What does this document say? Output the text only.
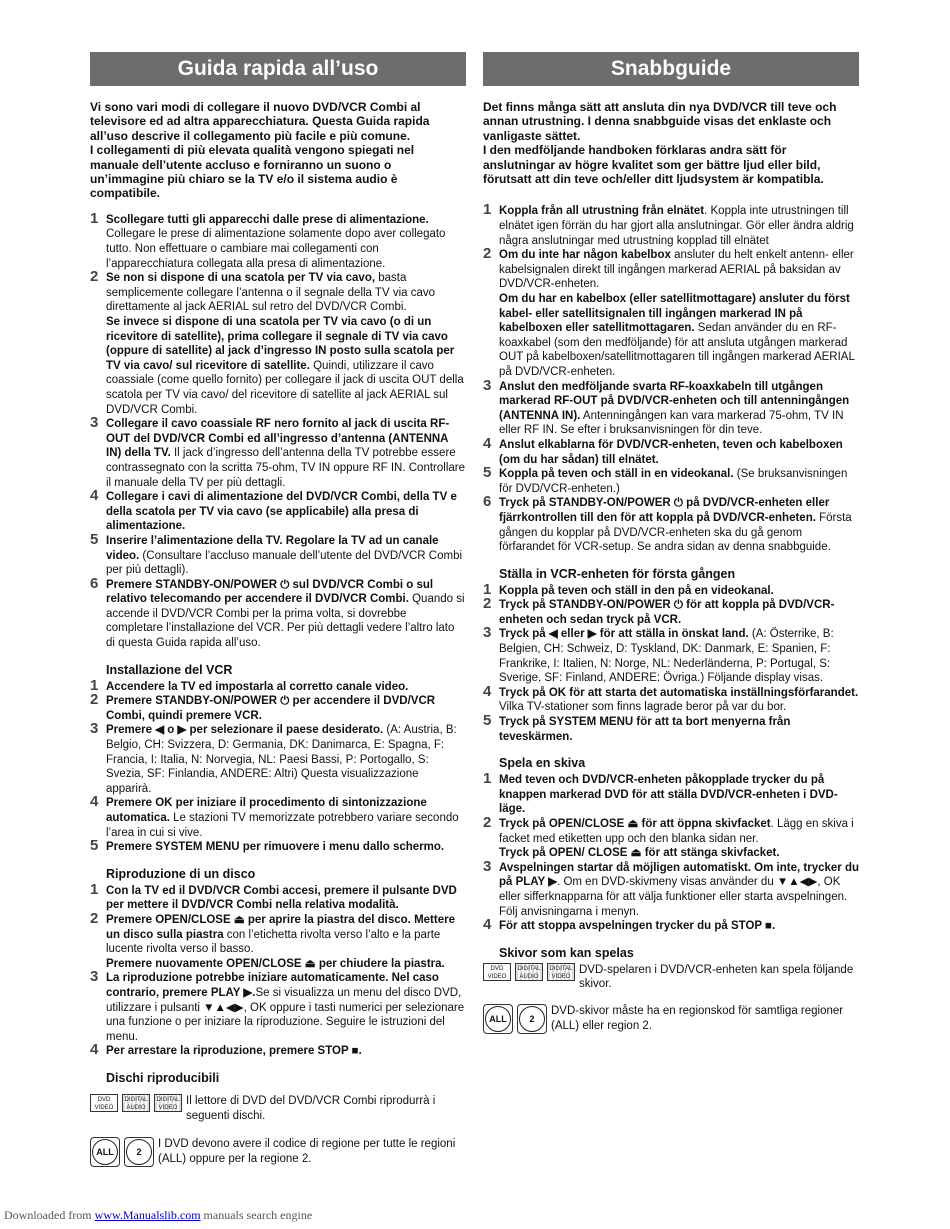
Guida rapida all’uso

Vi sono vari modi di collegare il nuovo DVD/VCR Combi al televisore ed ad altra apparecchiatura. Questa Guida rapida all’uso descrive il collegamento più facile e più comune.

I collegamenti di più elevata qualità vengono spiegati nel manuale dell’utente accluso e forniranno un suono o un’immagine più chiaro se la TV e/o il sistema audio è compatibile.

1 Scollegare tutti gli apparecchi dalle prese di alimentazione. Collegare le prese di alimentazione solamente dopo aver collegato tutto. Non effettuare o cambiare mai collegamenti con l’apparecchiatura collegata alla presa di alimentazione.

2 Se non si dispone di una scatola per TV via cavo, basta semplicemente collegare l’antenna o il segnale della TV via cavo direttamente al jack AERIAL sul retro del DVD/VCR Combi.

Se invece si dispone di una scatola per TV via cavo (o di un ricevitore di satellite), prima collegare il segnale di TV via cavo (oppure di satellite) al jack d’ingresso IN posto sulla scatola per TV via cavo/ sul ricevitore di satellite. Quindi, utilizzare il cavo coassiale (come quello fornito) per collegare il jack di uscita OUT della scatola per TV via cavo/ del ricevitore di satellite al jack AERIAL sul DVD/VCR Combi.

3 Collegare il cavo coassiale RF nero fornito al jack di uscita RF-OUT del DVD/VCR Combi ed all’ingresso d’antenna (ANTENNA IN) della TV. Il jack d’ingresso dell’antenna della TV potrebbe essere contrassegnato con la scritta 75-ohm, TV IN oppure RF IN. Controllare il manuale della TV per più dettagli.

4 Collegare i cavi di alimentazione del DVD/VCR Combi, della TV e della scatola per TV via cavo (se applicabile) alla presa di alimentazione.

5 Inserire l’alimentazione della TV. Regolare la TV ad un canale video. (Consultare l’accluso manuale dell’utente del DVD/VCR Combi per più dettagli).

6 Premere STANDBY-ON/POWER ⏻ sul DVD/VCR Combi o sul relativo telecomando per accendere il DVD/VCR Combi. Quando si accende il DVD/VCR Combi per la prima volta, si dovrebbe completare l’installazione del VCR. Per più dettagli vedere l’altro lato di questa Guida rapida all’uso.

Installazione del VCR

1 Accendere la TV ed impostarla al corretto canale video.

2 Premere STANDBY-ON/POWER ⏻ per accendere il DVD/VCR Combi, quindi premere VCR.

3 Premere ◀ o ▶ per selezionare il paese desiderato. (A: Austria, B: Belgio, CH: Svizzera, D: Germania, DK: Danimarca, E: Spagna, F: Francia, I: Italia, N: Norvegia, NL: Paesi Bassi, P: Portogallo, S: Svezia, SF: Finlandia, ANDERE: Altri) Questa visualizzazione apparirà.

4 Premere OK per iniziare il procedimento di sintonizzazione automatica. Le stazioni TV memorizzate potrebbero variare secondo l’area in cui si vive.

5 Premere SYSTEM MENU per rimuovere i menu dallo schermo.

Riproduzione di un disco

1 Con la TV ed il DVD/VCR Combi accesi, premere il pulsante DVD per mettere il DVD/VCR Combi nella relativa modalità.

2 Premere OPEN/CLOSE ⏏ per aprire la piastra del disco. Mettere un disco sulla piastra con l’etichetta rivolta verso l’alto e la parte lucente rivolta verso il basso.

Premere nuovamente OPEN/CLOSE ⏏ per chiudere la piastra.

3 La riproduzione potrebbe iniziare automaticamente. Nel caso contrario, premere PLAY ▶.Se si visualizza un menu del disco DVD, utilizzare i pulsanti ▼▲◀▶, OK oppure i tasti numerici per selezionare una funzione o per iniziare la riproduzione. Seguire le istruzioni del menu.

4 Per arrestare la riproduzione, premere STOP ■.

Dischi riproducibili
DVD VIDEO
DIGITAL AUDIO
DIGITAL VIDEO
Il lettore di DVD del DVD/VCR Combi riprodurrà i seguenti dischi.
ALL	2
I DVD devono avere il codice di regione per tutte le regioni (ALL) oppure per la regione 2.
Snabbguide

Det finns många sätt att ansluta din nya DVD/VCR till teve och annan utrustning. I denna snabbguide visas det enklaste och vanligaste sättet.

I den medföljande handboken förklaras andra sätt för anslutningar av högre kvalitet som ger bättre ljud eller bild, förutsatt att din teve och/eller ditt ljudsystem är kompatibla.

1 Koppla från all utrustning från elnätet. Koppla inte utrustningen till elnätet igen förrän du har gjort alla anslutningar. Gör eller ändra aldrig några anslutningar med utrustning kopplad till elnätet

2 Om du inte har någon kabelbox ansluter du helt enkelt antenn- eller kabelsignalen direkt till ingången markerad AERIAL på baksidan av DVD/VCR-enheten.

Om du har en kabelbox (eller satellitmottagare) ansluter du först kabel- eller satellitsignalen till ingången markerad IN på kabelboxen eller satellitmottagaren. Sedan använder du en RF-koaxkabel (som den medföljande) för att ansluta utgången markerad OUT på kabelboxen/satellitmottagaren till ingången markerad AERIAL på DVD/VCR-enheten.

3 Anslut den medföljande svarta RF-koaxkabeln till utgången markerad RF-OUT på DVD/VCR-enheten och till antenningången (ANTENNA IN). Antenningången kan vara markerad 75-ohm, TV IN eller RF IN. Se efter i bruksanvisningen för din teve.

4 Anslut elkablarna för DVD/VCR-enheten, teven och kabelboxen (om du har sådan) till elnätet.

5 Koppla på teven och ställ in en videokanal. (Se bruksanvisningen för DVD/VCR-enheten.)

6 Tryck på STANDBY-ON/POWER ⏻ på DVD/VCR-enheten eller fjärrkontrollen till den för att koppla på DVD/VCR-enheten. Första gången du kopplar på DVD/VCR-enheten ska du gå genom förfarandet för VCR-setup. Se andra sidan av denna snabbguide.

Ställa in VCR-enheten för första gången

1 Koppla på teven och ställ in den på en videokanal.

2 Tryck på STANDBY-ON/POWER ⏻ för att koppla på DVD/VCR-enheten och sedan tryck på VCR.

3 Tryck på ◀ eller ▶ för att ställa in önskat land. (A: Österrike, B: Belgien, CH: Schweiz, D: Tyskland, DK: Danmark, E: Spanien, F: Frankrike, I: Italien, N: Norge, NL: Nederländerna, P: Portugal, S: Sverige, SF: Finland, ANDERE: Övriga.) Följande display visas.

4 Tryck på OK för att starta det automatiska inställningsförfarandet. Vilka TV-stationer som finns lagrade beror på var du bor.

5 Tryck på SYSTEM MENU för att ta bort menyerna från teveskärmen.

Spela en skiva

1 Med teven och DVD/VCR-enheten påkopplade trycker du på knappen markerad DVD för att ställa DVD/VCR-enheten i DVD-läge.

2 Tryck på OPEN/CLOSE ⏏ för att öppna skivfacket. Lägg en skiva i facket med etiketten upp och den blanka sidan ner.

Tryck på OPEN/ CLOSE ⏏ för att stänga skivfacket.

3 Avspelningen startar då möjligen automatiskt. Om inte, trycker du på PLAY ▶. Om en DVD-skivmeny visas använder du ▼▲◀▶, OK eller sifferknapparna för att välja funktioner eller starta avspelningen. Följ anvisningarna i menyn.

4 För att stoppa avspelningen trycker du på STOP ■.

Skivor som kan spelas
DVD VIDEO
DIGITAL AUDIO
DIGITAL VIDEO
DVD-spelaren i DVD/VCR-enheten kan spela följande skivor.
ALL	2
DVD-skivor måste ha en regionskod för samtliga regioner (ALL) eller region 2.
Downloaded from www.Manualslib.com manuals search engine
